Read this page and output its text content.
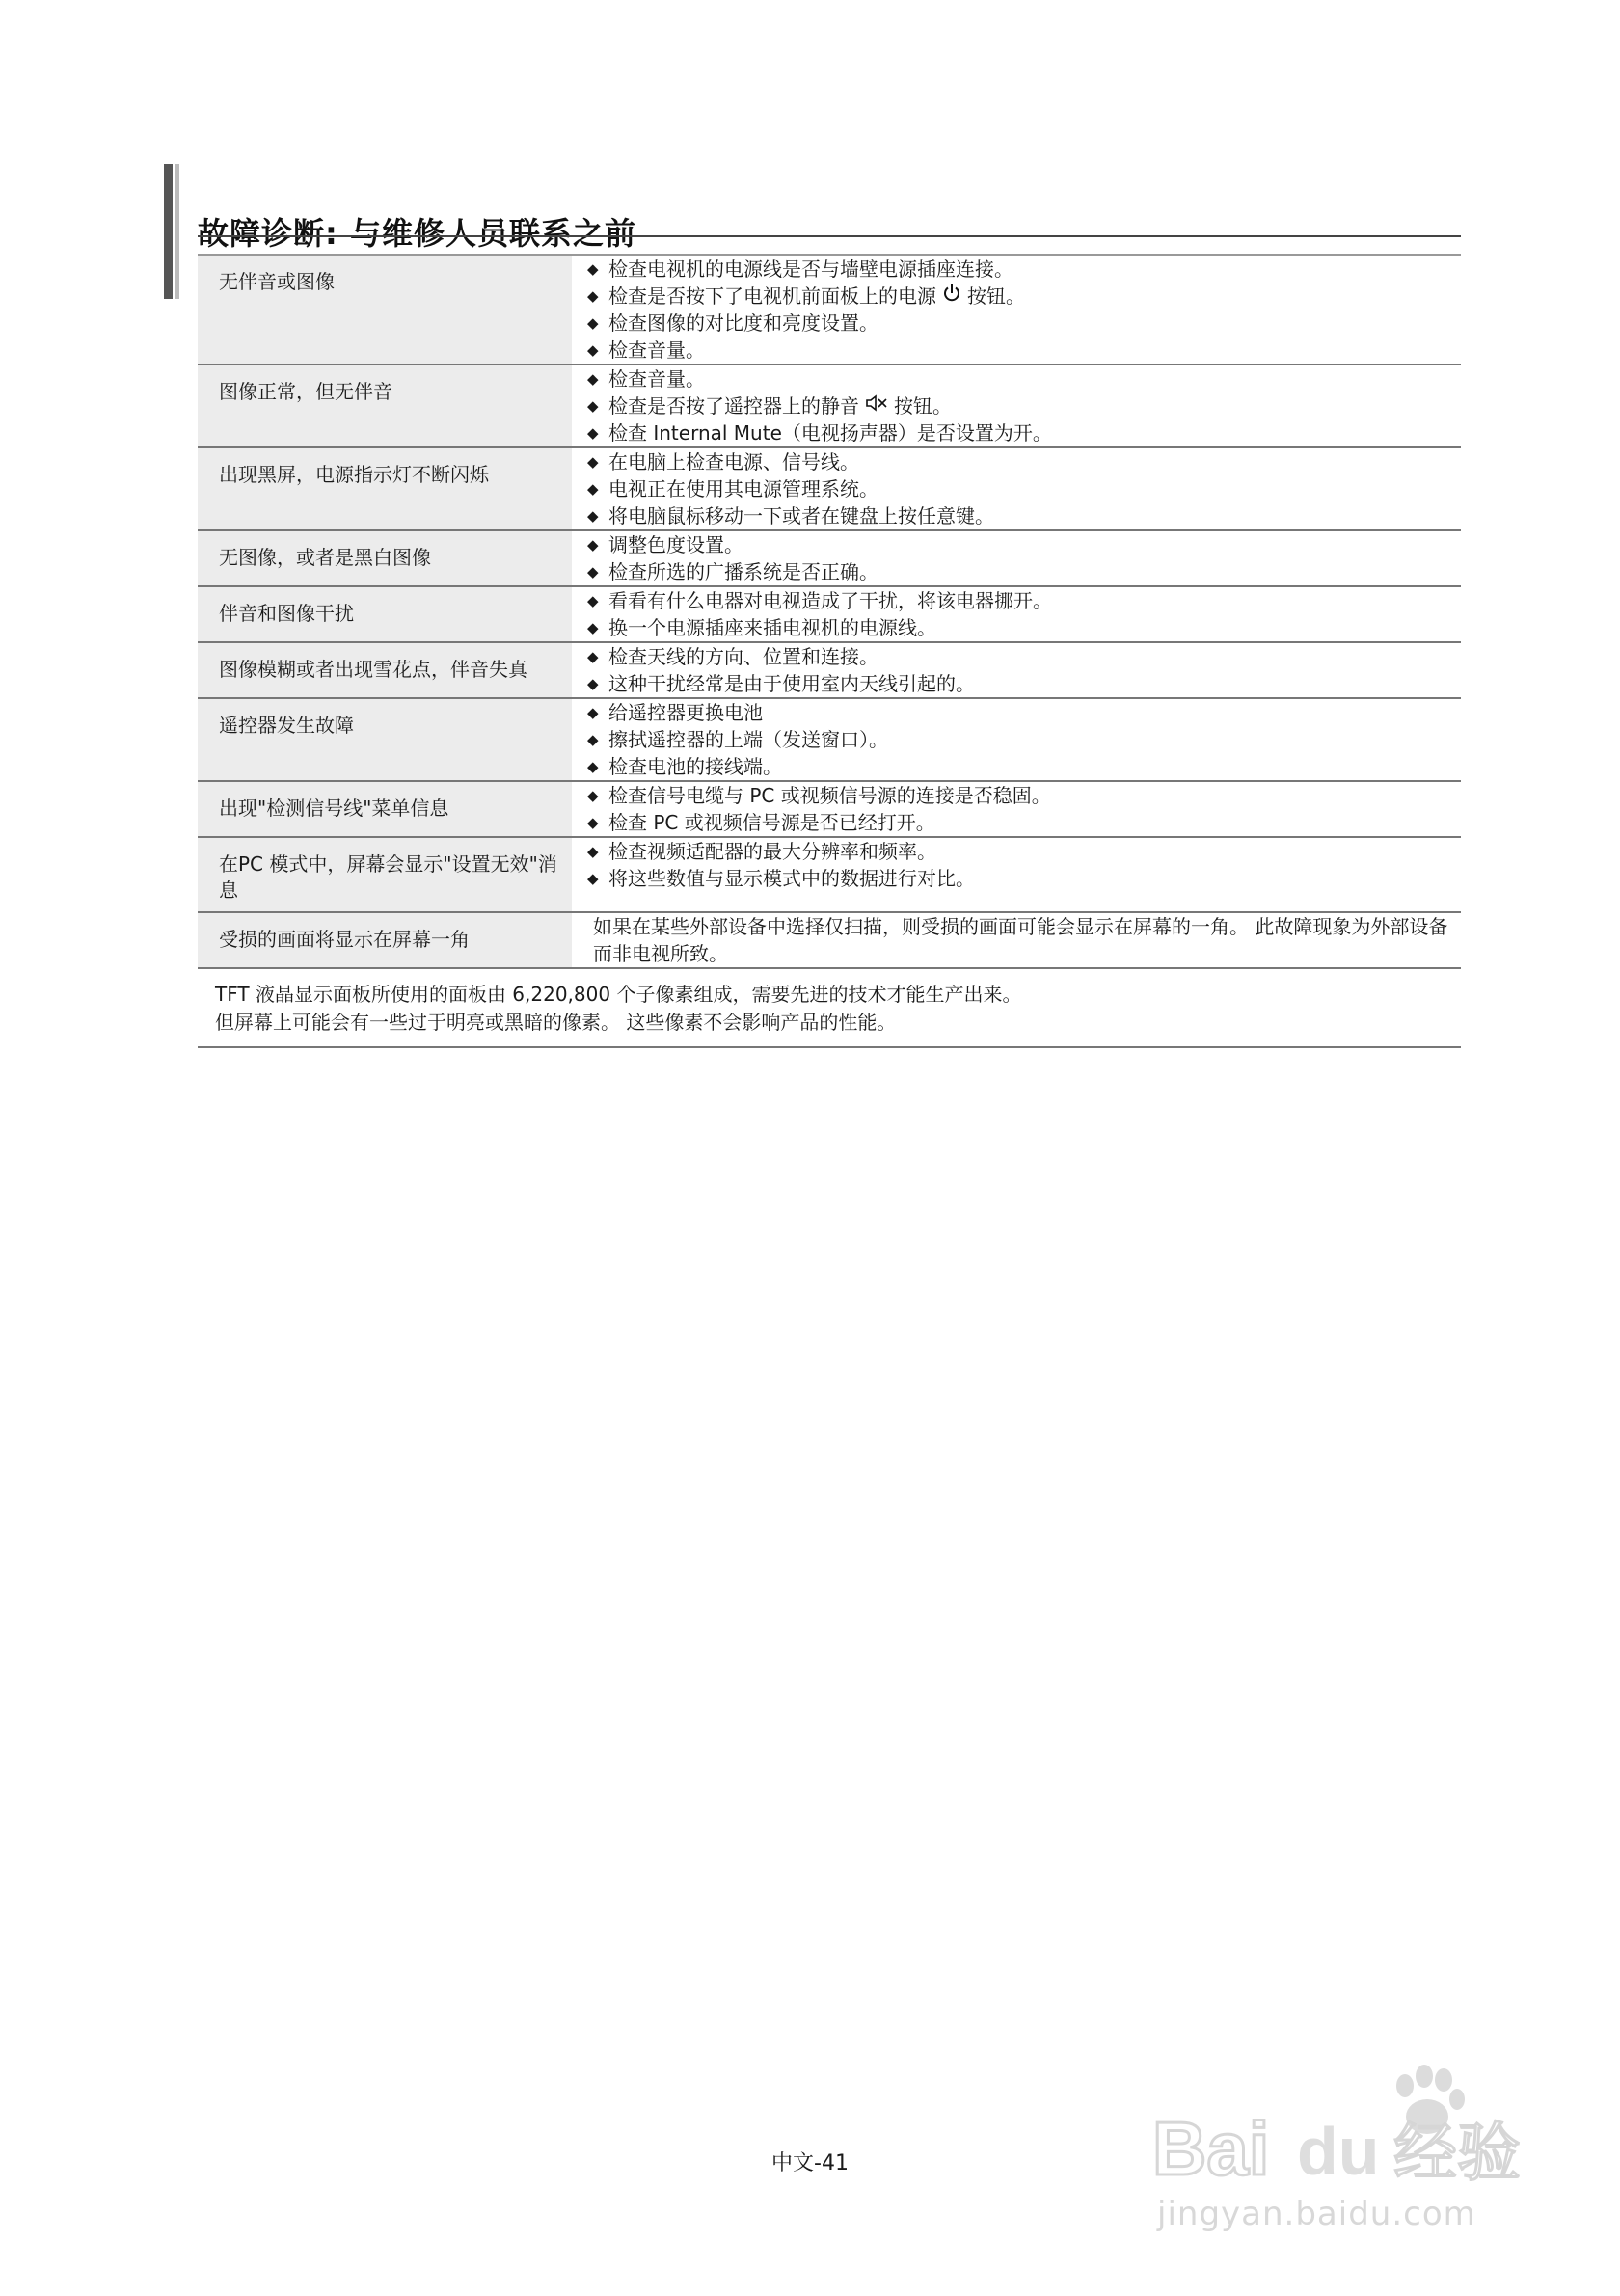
故障诊断: 与维修人员联系之前
无伴音或图像
◆ 检查电视机的电源线是否与墙壁电源插座连接。
◆ 检查是否按下了电视机前面板上的电源 按钮。
◆ 检查图像的对比度和亮度设置。
◆ 检查音量。
图像正常，但无伴音
◆ 检查音量。
◆ 检查是否按了遥控器上的静音 按钮。
◆ 检查 Internal Mute（电视扬声器）是否设置为开。
出现黑屏，电源指示灯不断闪烁
◆ 在电脑上检查电源、信号线。
◆ 电视正在使用其电源管理系统。
◆ 将电脑鼠标移动一下或者在键盘上按任意键。
无图像，或者是黑白图像
◆ 调整色度设置。
◆ 检查所选的广播系统是否正确。
伴音和图像干扰
◆ 看看有什么电器对电视造成了干扰，将该电器挪开。
◆ 换一个电源插座来插电视机的电源线。
图像模糊或者出现雪花点，伴音失真
◆ 检查天线的方向、位置和连接。
◆ 这种干扰经常是由于使用室内天线引起的。
遥控器发生故障
◆ 给遥控器更换电池
◆ 擦拭遥控器的上端（发送窗口）。
◆ 检查电池的接线端。
出现"检测信号线"菜单信息
◆ 检查信号电缆与 PC 或视频信号源的连接是否稳固。
◆ 检查 PC 或视频信号源是否已经打开。
在PC 模式中，屏幕会显示"设置无效"消息
◆ 检查视频适配器的最大分辨率和频率。
◆ 将这些数值与显示模式中的数据进行对比。
受损的画面将显示在屏幕一角
如果在某些外部设备中选择仅扫描，则受损的画面可能会显示在屏幕的一角。 此故障现象为外部设备而非电视所致。
TFT 液晶显示面板所使用的面板由 6,220,800 个子像素组成，需要先进的技术才能生产出来。
但屏幕上可能会有一些过于明亮或黑暗的像素。 这些像素不会影响产品的性能。
中文-41	Bai du 经验
jingyan.baidu.com
